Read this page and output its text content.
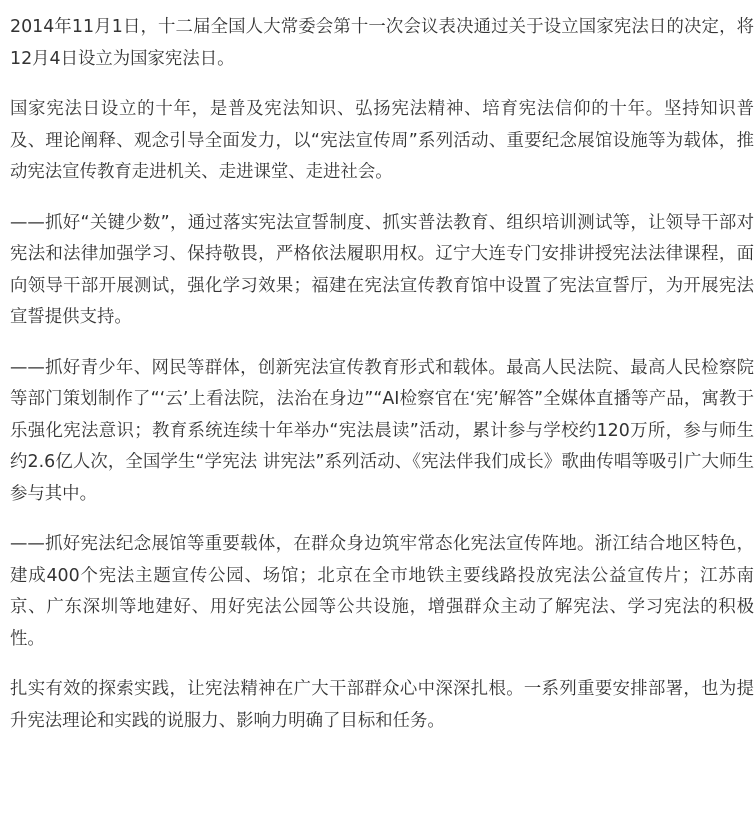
2014年11月1日，十二届全国人大常委会第十一次会议表决通过关于设立国家宪法日的决定，将12月4日设立为国家宪法日。

国家宪法日设立的十年，是普及宪法知识、弘扬宪法精神、培育宪法信仰的十年。坚持知识普及、理论阐释、观念引导全面发力，以“宪法宣传周”系列活动、重要纪念展馆设施等为载体，推动宪法宣传教育走进机关、走进课堂、走进社会。

——抓好“关键少数”，通过落实宪法宣誓制度、抓实普法教育、组织培训测试等，让领导干部对宪法和法律加强学习、保持敬畏，严格依法履职用权。辽宁大连专门安排讲授宪法法律课程，面向领导干部开展测试，强化学习效果；福建在宪法宣传教育馆中设置了宪法宣誓厅，为开展宪法宣誓提供支持。

——抓好青少年、网民等群体，创新宪法宣传教育形式和载体。最高人民法院、最高人民检察院等部门策划制作了“‘云’上看法院，法治在身边”“AI检察官在‘宪’解答”全媒体直播等产品，寓教于乐强化宪法意识；教育系统连续十年举办“宪法晨读”活动，累计参与学校约120万所，参与师生约2.6亿人次，全国学生“学宪法 讲宪法”系列活动、《宪法伴我们成长》歌曲传唱等吸引广大师生参与其中。

——抓好宪法纪念展馆等重要载体，在群众身边筑牢常态化宪法宣传阵地。浙江结合地区特色，建成400个宪法主题宣传公园、场馆；北京在全市地铁主要线路投放宪法公益宣传片；江苏南京、广东深圳等地建好、用好宪法公园等公共设施，增强群众主动了解宪法、学习宪法的积极性。

扎实有效的探索实践，让宪法精神在广大干部群众心中深深扎根。一系列重要安排部署，也为提升宪法理论和实践的说服力、影响力明确了目标和任务。
